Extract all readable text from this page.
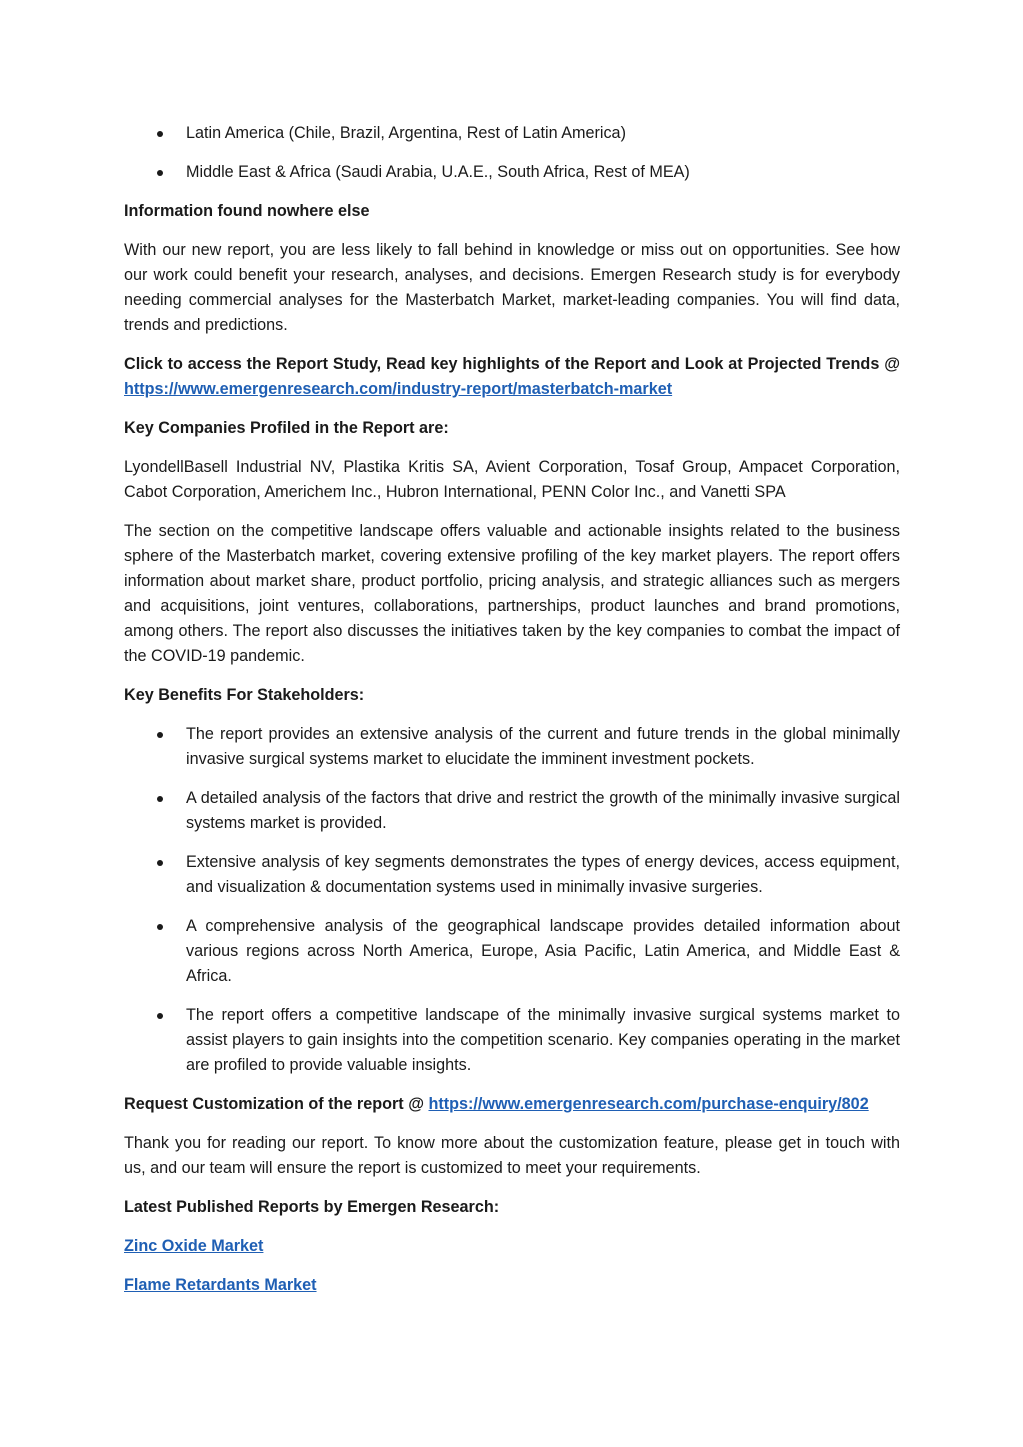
Latin America (Chile, Brazil, Argentina, Rest of Latin America)
Middle East & Africa (Saudi Arabia, U.A.E., South Africa, Rest of MEA)

Information found nowhere else

With our new report, you are less likely to fall behind in knowledge or miss out on opportunities. See how our work could benefit your research, analyses, and decisions. Emergen Research study is for everybody needing commercial analyses for the Masterbatch Market, market-leading companies. You will find data, trends and predictions.

Click to access the Report Study, Read key highlights of the Report and Look at Projected Trends @ https://www.emergenresearch.com/industry-report/masterbatch-market

Key Companies Profiled in the Report are:

LyondellBasell Industrial NV, Plastika Kritis SA, Avient Corporation, Tosaf Group, Ampacet Corporation, Cabot Corporation, Americhem Inc., Hubron International, PENN Color Inc., and Vanetti SPA

The section on the competitive landscape offers valuable and actionable insights related to the business sphere of the Masterbatch market, covering extensive profiling of the key market players. The report offers information about market share, product portfolio, pricing analysis, and strategic alliances such as mergers and acquisitions, joint ventures, collaborations, partnerships, product launches and brand promotions, among others. The report also discusses the initiatives taken by the key companies to combat the impact of the COVID-19 pandemic.

Key Benefits For Stakeholders:

The report provides an extensive analysis of the current and future trends in the global minimally invasive surgical systems market to elucidate the imminent investment pockets.
A detailed analysis of the factors that drive and restrict the growth of the minimally invasive surgical systems market is provided.
Extensive analysis of key segments demonstrates the types of energy devices, access equipment, and visualization & documentation systems used in minimally invasive surgeries.
A comprehensive analysis of the geographical landscape provides detailed information about various regions across North America, Europe, Asia Pacific, Latin America, and Middle East & Africa.
The report offers a competitive landscape of the minimally invasive surgical systems market to assist players to gain insights into the competition scenario. Key companies operating in the market are profiled to provide valuable insights.

Request Customization of the report @ https://www.emergenresearch.com/purchase-enquiry/802

Thank you for reading our report. To know more about the customization feature, please get in touch with us, and our team will ensure the report is customized to meet your requirements.

Latest Published Reports by Emergen Research:

Zinc Oxide Market

Flame Retardants Market
